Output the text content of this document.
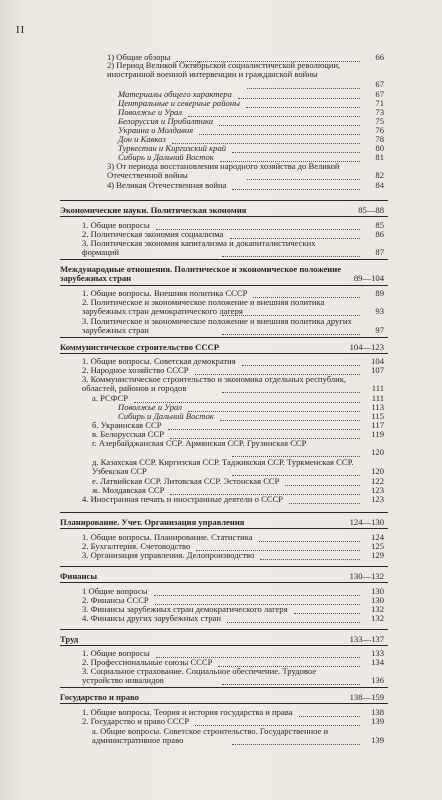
II
1) Общие обзоры	66
2) Период Великой Октябрьской социалистической революции, иностранной военной интервенции и гражданской войны
67
Материалы общего характера	67
Центральные и северные районы	71
Поволжье и Урал	73
Белоруссия и Прибалтика	75
Украина и Молдавия	76
Дон и Кавказ	78
Туркестан и Киргизский край	80
Сибирь и Дальний Восток	81
3) От периода восстановления народного хозяйства до Великой Отечественной войны	82
4) Великая Отечественная война	84
Экономические науки. Политическая экономия	85—88
1. Общие вопросы	85
2. Политическая экономия социализма	86
3. Политическая экономия капитализма и докапиталистических формаций	87
Международные отношения. Политическое и экономическое положение зарубежных стран	89—104
1. Общие вопросы. Внешняя политика СССР	89
2. Политическое и экономическое положение и внешняя политика зарубежных стран демократического лагеря	93
3. Политическое и экономическое положение и внешняя политика других зарубежных стран	97
Коммунистическое строительство СССР	104—123
1. Общие вопросы. Советская демократия	104
2. Народное хозяйство СССР	107
3. Коммунистическое строительство и экономика отдельных республик, областей, районов и городов	111
а. РСФСР	111
Поволжье и Урал	113
Сибирь и Дальний Восток	115
б. Украинская ССР	117
в. Белорусская ССР	119
г. Азербайджанская ССР. Армянская ССР. Грузинская ССР
120
д. Казахская ССР. Киргизская ССР. Таджикская ССР. Туркменская ССР. Узбекская ССР	120
е. Латвийская ССР. Литовская ССР. Эстонская ССР	122
ж. Молдавская ССР	123
4. Иностранная печать и иностранные деятели о СССР	123
Планирование. Учет. Организация управления	124—130
1. Общие вопросы. Планирование. Статистика	124
2. Бухгалтерия. Счетоводство	125
3. Организация управления. Делопроизводство	129
Финансы	130—132
1 Общие вопросы	130
2. Финансы СССР	130
3. Финансы зарубежных стран демократического лагеря	132
4. Финансы других зарубежных стран	132
Труд	133—137
1. Общие вопросы	133
2. Профессиональные союзы СССР	134
3. Социальное страхование. Социальное обеспечение. Трудовое устройство инвалидов	136
Государство и право	138—159
1. Общие вопросы. Теория и история государства и права	138
2. Государство и право СССР	139
а. Общие вопросы. Советское строительство. Государственное и административное право	139
